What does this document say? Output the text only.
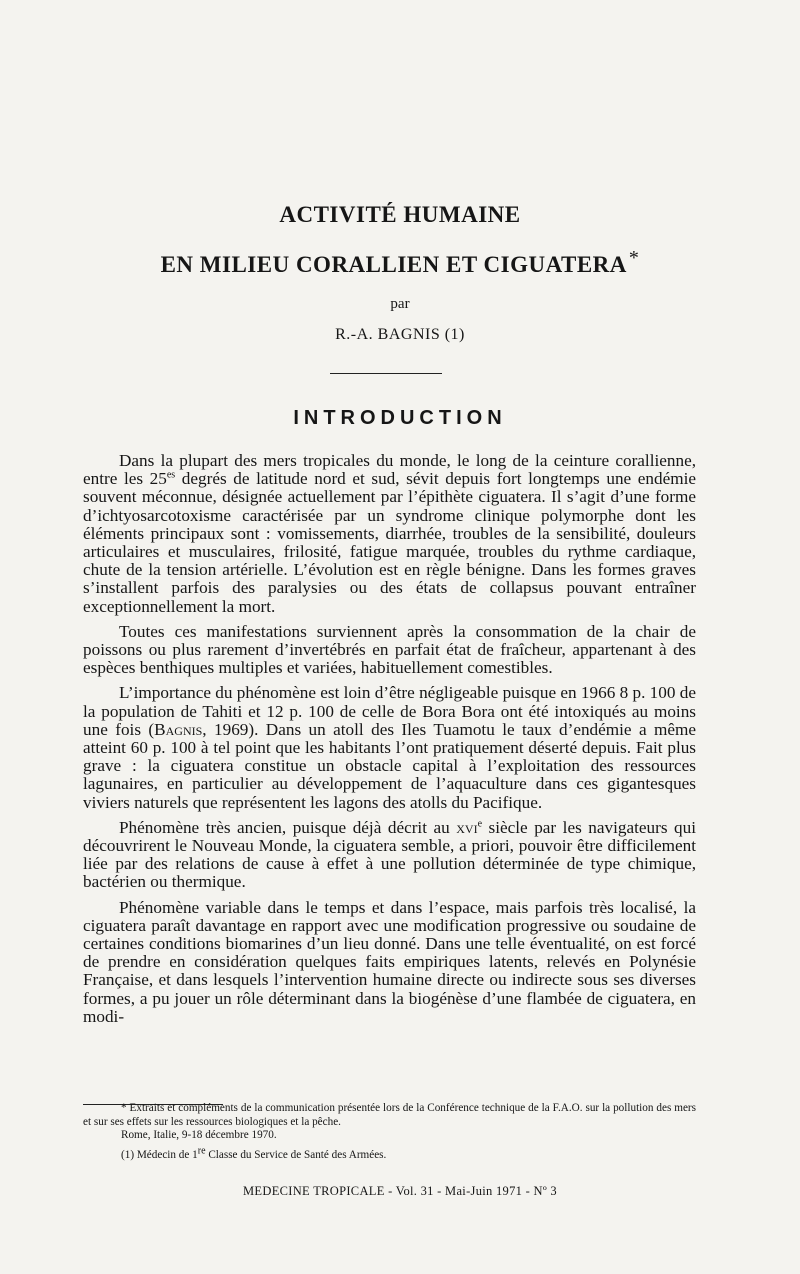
ACTIVITÉ HUMAINE
EN MILIEU CORALLIEN ET CIGUATERA *
par
R.-A. BAGNIS (1)
INTRODUCTION

Dans la plupart des mers tropicales du monde, le long de la ceinture corallienne, entre les $25^{es}$ degrés de latitude nord et sud, sévit depuis fort longtemps une endémie souvent méconnue, désignée actuellement par l’épithète ciguatera. Il s’agit d’une forme d’ichtyosarcotoxisme caractérisée par un syndrome clinique polymorphe dont les éléments principaux sont : vomissements, diarrhée, troubles de la sensibilité, douleurs articulaires et musculaires, frilosité, fatigue marquée, troubles du rythme cardiaque, chute de la tension artérielle. L’évolution est en règle bénigne. Dans les formes graves s’installent parfois des paralysies ou des états de collapsus pouvant entraîner exceptionnellement la mort.

Toutes ces manifestations surviennent après la consommation de la chair de poissons ou plus rarement d’invertébrés en parfait état de fraîcheur, appartenant à des espèces benthiques multiples et variées, habituellement comestibles.

L’importance du phénomène est loin d’être négligeable puisque en 1966 8 p. 100 de la population de Tahiti et 12 p. 100 de celle de Bora Bora ont été intoxiqués au moins une fois (Bagnis, 1969). Dans un atoll des Iles Tuamotu le taux d’endémie a même atteint 60 p. 100 à tel point que les habitants l’ont pratiquement déserté depuis. Fait plus grave : la ciguatera constitue un obstacle capital à l’exploitation des ressources lagunaires, en particulier au développement de l’aquaculture dans ces gigantesques viviers naturels que représentent les lagons des atolls du Pacifique.

Phénomène très ancien, puisque déjà décrit au xvi$^e$ siècle par les navigateurs qui découvrirent le Nouveau Monde, la ciguatera semble, a priori, pouvoir être difficilement liée par des relations de cause à effet à une pollution déterminée de type chimique, bactérien ou thermique.

Phénomène variable dans le temps et dans l’espace, mais parfois très localisé, la ciguatera paraît davantage en rapport avec une modification progressive ou soudaine de certaines conditions biomarines d’un lieu donné. Dans une telle éventualité, on est forcé de prendre en considération quelques faits empiriques latents, relevés en Polynésie Française, et dans lesquels l’intervention humaine directe ou indirecte sous ses diverses formes, a pu jouer un rôle déterminant dans la biogénèse d’une flambée de ciguatera, en modi-

* Extraits et compléments de la communication présentée lors de la Conférence technique de la F.A.O. sur la pollution des mers et sur ses effets sur les ressources biologiques et la pêche.

Rome, Italie, 9-18 décembre 1970.

(1) Médecin de 1re Classe du Service de Santé des Armées.

MEDECINE TROPICALE - Vol. 31 - Mai-Juin 1971 - Nº 3
